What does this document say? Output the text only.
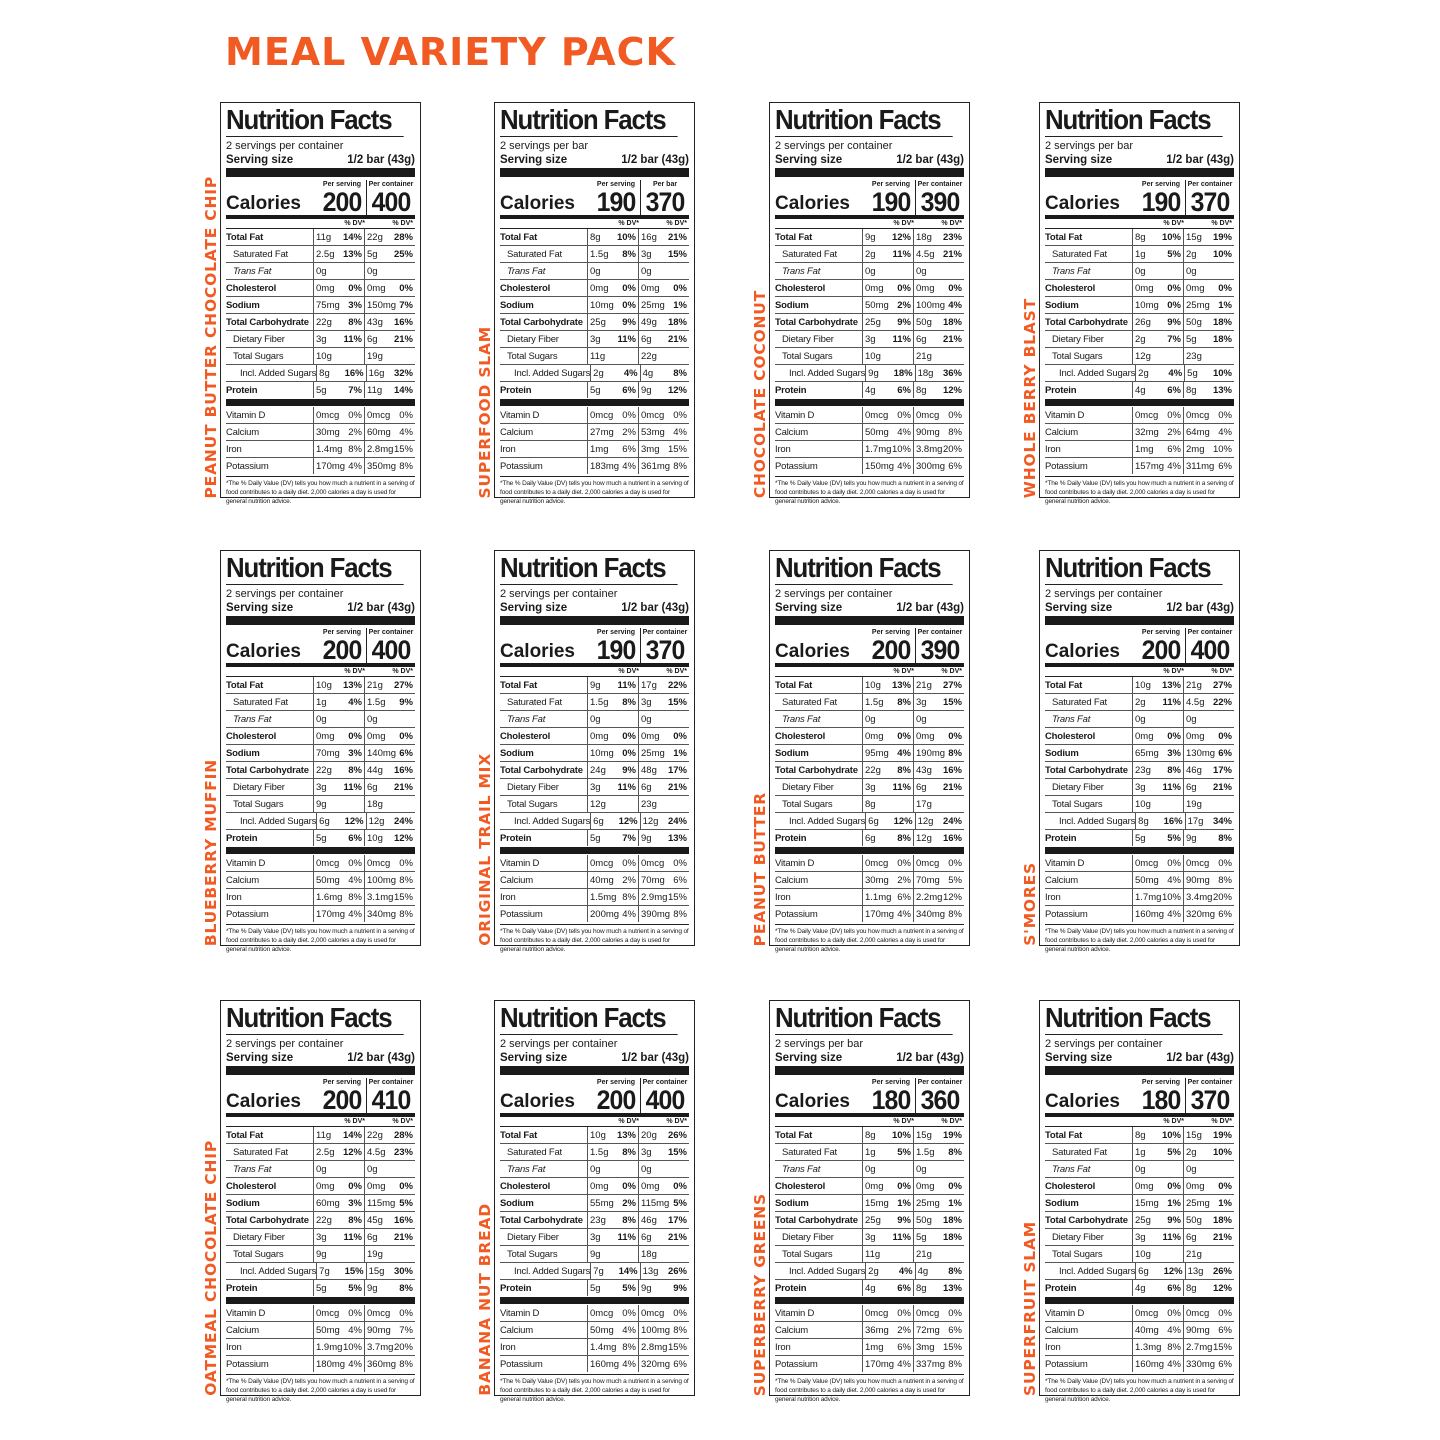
MEAL VARIETY PACK
PEANUT BUTTER CHOCOLATE CHIP
Nutrition Facts
2 servings per container
Serving size	1/2 bar (43g)
Calories
Per serving
200
Per container
400
% DV*	% DV*
Total Fat	11g	14% 22g	28%
Saturated Fat	2.5g 13% 5g	25%
Trans Fat	0g	0g
Cholesterol	0mg	0% 0mg	0%
Sodium	75mg 3% 150mg 7%
Total Carbohydrate 22g	8% 43g	16%
Dietary Fiber	3g	11% 6g	21%
Total Sugars	10g	19g
Incl. Added Sugars 8g	16% 16g	32%
Protein	5g	7% 11g	14%
Vitamin D	0mcg 0% 0mcg 0%
Calcium	30mg 2% 60mg 4%
Iron	1.4mg 8% 2.8mg 15%
Potassium	170mg 4% 350mg 8%
*The % Daily Value (DV) tells you how much a nutrient in a serving of food contributes to a daily diet. 2,000 calories a day is used for general nutrition advice.
SUPERFOOD SLAM
Nutrition Facts
2 servings per bar
Serving size	1/2 bar (43g)
Calories
Per serving
190
Per bar
370
% DV*	% DV*
Total Fat	8g	10% 16g	21%
Saturated Fat	1.5g	8% 3g	15%
Trans Fat	0g	0g
Cholesterol	0mg	0% 0mg	0%
Sodium	10mg 0% 25mg 1%
Total Carbohydrate 25g	9% 49g	18%
Dietary Fiber	3g	11% 6g	21%
Total Sugars	11g	22g
Incl. Added Sugars 2g	4% 4g	8%
Protein	5g	6% 9g	12%
Vitamin D	0mcg 0% 0mcg 0%
Calcium	27mg 2% 53mg 4%
Iron	1mg	6% 3mg 15%
Potassium	183mg 4% 361mg 8%
*The % Daily Value (DV) tells you how much a nutrient in a serving of food contributes to a daily diet. 2,000 calories a day is used for general nutrition advice.
CHOCOLATE COCONUT
Nutrition Facts
2 servings per container
Serving size	1/2 bar (43g)
Calories
Per serving
190
Per container
390
% DV*	% DV*
Total Fat	9g	12% 18g	23%
Saturated Fat	2g	11% 4.5g 21%
Trans Fat	0g	0g
Cholesterol	0mg	0% 0mg	0%
Sodium	50mg 2% 100mg 4%
Total Carbohydrate 25g	9% 50g	18%
Dietary Fiber	3g	11% 6g	21%
Total Sugars	10g	21g
Incl. Added Sugars 9g	18% 18g	36%
Protein	4g	6% 8g	12%
Vitamin D	0mcg 0% 0mcg 0%
Calcium	50mg 4% 90mg 8%
Iron	1.7mg 10% 3.8mg 20%
Potassium	150mg 4% 300mg 6%
*The % Daily Value (DV) tells you how much a nutrient in a serving of food contributes to a daily diet. 2,000 calories a day is used for general nutrition advice.
WHOLE BERRY BLAST
Nutrition Facts
2 servings per bar
Serving size	1/2 bar (43g)
Calories
Per serving
190
Per container
370
% DV*	% DV*
Total Fat	8g	10% 15g	19%
Saturated Fat	1g	5% 2g	10%
Trans Fat	0g	0g
Cholesterol	0mg	0% 0mg	0%
Sodium	10mg 0% 25mg 1%
Total Carbohydrate 26g	9% 50g	18%
Dietary Fiber	2g	7% 5g	18%
Total Sugars	12g	23g
Incl. Added Sugars 2g	4% 5g	10%
Protein	4g	6% 8g	13%
Vitamin D	0mcg 0% 0mcg 0%
Calcium	32mg 2% 64mg 4%
Iron	1mg	6% 2mg 10%
Potassium	157mg 4% 311mg 6%
*The % Daily Value (DV) tells you how much a nutrient in a serving of food contributes to a daily diet. 2,000 calories a day is used for general nutrition advice.
BLUEBERRY MUFFIN
Nutrition Facts
2 servings per container
Serving size	1/2 bar (43g)
Calories
Per serving
200
Per container
400
% DV*	% DV*
Total Fat	10g	13% 21g	27%
Saturated Fat	1g	4% 1.5g	9%
Trans Fat	0g	0g
Cholesterol	0mg	0% 0mg	0%
Sodium	70mg 3% 140mg 6%
Total Carbohydrate 22g	8% 44g	16%
Dietary Fiber	3g	11% 6g	21%
Total Sugars	9g	18g
Incl. Added Sugars 6g	12% 12g	24%
Protein	5g	6% 10g	12%
Vitamin D	0mcg 0% 0mcg 0%
Calcium	50mg 4% 100mg 8%
Iron	1.6mg 8% 3.1mg 15%
Potassium	170mg 4% 340mg 8%
*The % Daily Value (DV) tells you how much a nutrient in a serving of food contributes to a daily diet. 2,000 calories a day is used for general nutrition advice.
ORIGINAL TRAIL MIX
Nutrition Facts
2 servings per container
Serving size	1/2 bar (43g)
Calories
Per serving
190
Per container
370
% DV*	% DV*
Total Fat	9g	11% 17g	22%
Saturated Fat	1.5g	8% 3g	15%
Trans Fat	0g	0g
Cholesterol	0mg	0% 0mg	0%
Sodium	10mg 0% 25mg 1%
Total Carbohydrate 24g	9% 48g	17%
Dietary Fiber	3g	11% 6g	21%
Total Sugars	12g	23g
Incl. Added Sugars 6g	12% 12g	24%
Protein	5g	7% 9g	13%
Vitamin D	0mcg 0% 0mcg 0%
Calcium	40mg 2% 70mg 6%
Iron	1.5mg 8% 2.9mg 15%
Potassium	200mg 4% 390mg 8%
*The % Daily Value (DV) tells you how much a nutrient in a serving of food contributes to a daily diet. 2,000 calories a day is used for general nutrition advice.
PEANUT BUTTER
Nutrition Facts
2 servings per container
Serving size	1/2 bar (43g)
Calories
Per serving
200
Per container
390
% DV*	% DV*
Total Fat	10g	13% 21g	27%
Saturated Fat	1.5g	8% 3g	15%
Trans Fat	0g	0g
Cholesterol	0mg	0% 0mg	0%
Sodium	95mg 4% 190mg 8%
Total Carbohydrate 22g	8% 43g	16%
Dietary Fiber	3g	11% 6g	21%
Total Sugars	8g	17g
Incl. Added Sugars 6g	12% 12g	24%
Protein	6g	8% 12g	16%
Vitamin D	0mcg 0% 0mcg 0%
Calcium	30mg 2% 70mg 5%
Iron	1.1mg 6% 2.2mg 12%
Potassium	170mg 4% 340mg 8%
*The % Daily Value (DV) tells you how much a nutrient in a serving of food contributes to a daily diet. 2,000 calories a day is used for general nutrition advice.
S'MORES
Nutrition Facts
2 servings per container
Serving size	1/2 bar (43g)
Calories
Per serving
200
Per container
400
% DV*	% DV*
Total Fat	10g	13% 21g	27%
Saturated Fat	2g	11% 4.5g 22%
Trans Fat	0g	0g
Cholesterol	0mg	0% 0mg	0%
Sodium	65mg 3% 130mg 6%
Total Carbohydrate 23g	8% 46g	17%
Dietary Fiber	3g	11% 6g	21%
Total Sugars	10g	19g
Incl. Added Sugars 8g	16% 17g	34%
Protein	5g	5% 9g	8%
Vitamin D	0mcg 0% 0mcg 0%
Calcium	50mg 4% 90mg 8%
Iron	1.7mg 10% 3.4mg 20%
Potassium	160mg 4% 320mg 6%
*The % Daily Value (DV) tells you how much a nutrient in a serving of food contributes to a daily diet. 2,000 calories a day is used for general nutrition advice.
OATMEAL CHOCOLATE CHIP
Nutrition Facts
2 servings per container
Serving size	1/2 bar (43g)
Calories
Per serving
200
Per container
410
% DV*	% DV*
Total Fat	11g	14% 22g	28%
Saturated Fat	2.5g 12% 4.5g 23%
Trans Fat	0g	0g
Cholesterol	0mg	0% 0mg	0%
Sodium	60mg 3% 115mg 5%
Total Carbohydrate 22g	8% 45g	16%
Dietary Fiber	3g	11% 6g	21%
Total Sugars	9g	19g
Incl. Added Sugars 7g	15% 15g	30%
Protein	5g	5% 9g	8%
Vitamin D	0mcg 0% 0mcg 0%
Calcium	50mg 4% 90mg 7%
Iron	1.9mg 10% 3.7mg 20%
Potassium	180mg 4% 360mg 8%
*The % Daily Value (DV) tells you how much a nutrient in a serving of food contributes to a daily diet. 2,000 calories a day is used for general nutrition advice.
BANANA NUT BREAD
Nutrition Facts
2 servings per container
Serving size	1/2 bar (43g)
Calories
Per serving
200
Per container
400
% DV*	% DV*
Total Fat	10g	13% 20g	26%
Saturated Fat	1.5g	8% 3g	15%
Trans Fat	0g	0g
Cholesterol	0mg	0% 0mg	0%
Sodium	55mg 2% 115mg 5%
Total Carbohydrate 23g	8% 46g	17%
Dietary Fiber	3g	11% 6g	21%
Total Sugars	9g	18g
Incl. Added Sugars 7g	14% 13g	26%
Protein	5g	5% 9g	9%
Vitamin D	0mcg 0% 0mcg 0%
Calcium	50mg 4% 100mg 8%
Iron	1.4mg 8% 2.8mg 15%
Potassium	160mg 4% 320mg 6%
*The % Daily Value (DV) tells you how much a nutrient in a serving of food contributes to a daily diet. 2,000 calories a day is used for general nutrition advice.
SUPERBERRY GREENS
Nutrition Facts
2 servings per bar
Serving size	1/2 bar (43g)
Calories
Per serving
180
Per container
360
% DV*	% DV*
Total Fat	8g	10% 15g	19%
Saturated Fat	1g	5% 1.5g	8%
Trans Fat	0g	0g
Cholesterol	0mg	0% 0mg	0%
Sodium	15mg 1% 25mg 1%
Total Carbohydrate 25g	9% 50g	18%
Dietary Fiber	3g	11% 5g	18%
Total Sugars	11g	21g
Incl. Added Sugars 2g	4% 4g	8%
Protein	4g	6% 8g	13%
Vitamin D	0mcg 0% 0mcg 0%
Calcium	36mg 2% 72mg 6%
Iron	1mg	6% 3mg 15%
Potassium	170mg 4% 337mg 8%
*The % Daily Value (DV) tells you how much a nutrient in a serving of food contributes to a daily diet. 2,000 calories a day is used for general nutrition advice.
SUPERFRUIT SLAM
Nutrition Facts
2 servings per container
Serving size	1/2 bar (43g)
Calories
Per serving
180
Per container
370
% DV*	% DV*
Total Fat	8g	10% 15g	19%
Saturated Fat	1g	5% 2g	10%
Trans Fat	0g	0g
Cholesterol	0mg	0% 0mg	0%
Sodium	15mg 1% 25mg 1%
Total Carbohydrate 25g	9% 50g	18%
Dietary Fiber	3g	11% 6g	21%
Total Sugars	10g	21g
Incl. Added Sugars 6g	12% 13g	26%
Protein	4g	6% 8g	12%
Vitamin D	0mcg 0% 0mcg 0%
Calcium	40mg 4% 90mg 6%
Iron	1.3mg 8% 2.7mg 15%
Potassium	160mg 4% 330mg 6%
*The % Daily Value (DV) tells you how much a nutrient in a serving of food contributes to a daily diet. 2,000 calories a day is used for general nutrition advice.
